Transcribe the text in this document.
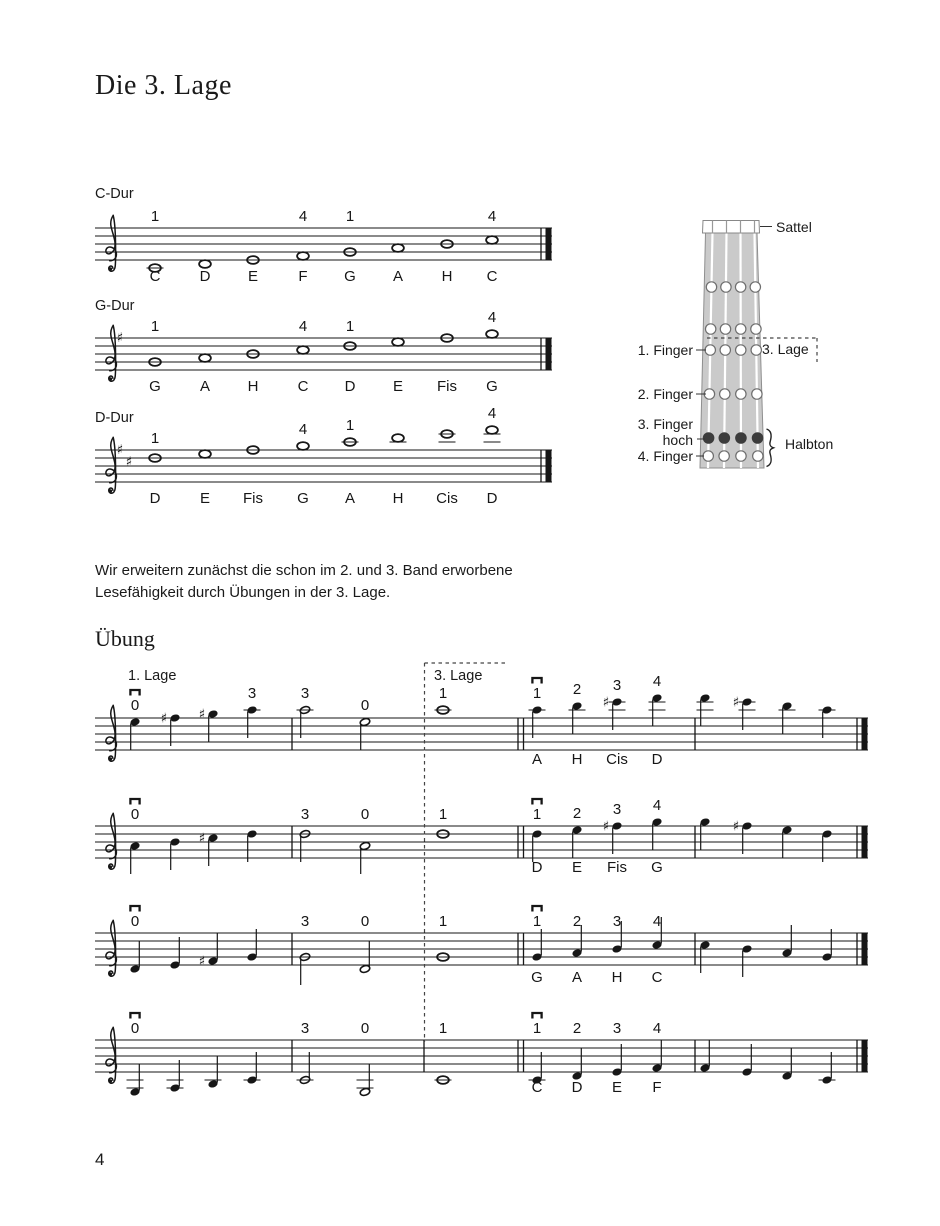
1
C	D	E
4
F
1
G A	H
4
C
♯
1
G	A	H
4
C
1
D	E Fis
4
G
♯
♯
1
D	E Fis
4
G
1
A	H Cis
4
D
0
♯ ♯
3	3
0
1	1
A
2
H
♯
3
Cis
4
D
♯
0
♯
3	0	1	1
D
2
E
♯
3
Fis
4
G
♯
0
♯
3	0	1	1
G
2
A
3
H
4
C
0	3	0	1	1
C
2
D
3
E
4
F
Die 3. Lage
C-Dur
G-Dur
D-Dur
Sattel
1. Finger	3. Lage
2. Finger
3. Finger
hoch
4. Finger
Halbton
Wir erweitern zunächst die schon im 2. und 3. Band erworbene
Lesefähigkeit durch Übungen in der 3. Lage.
Übung
1. Lage	3. Lage
4
